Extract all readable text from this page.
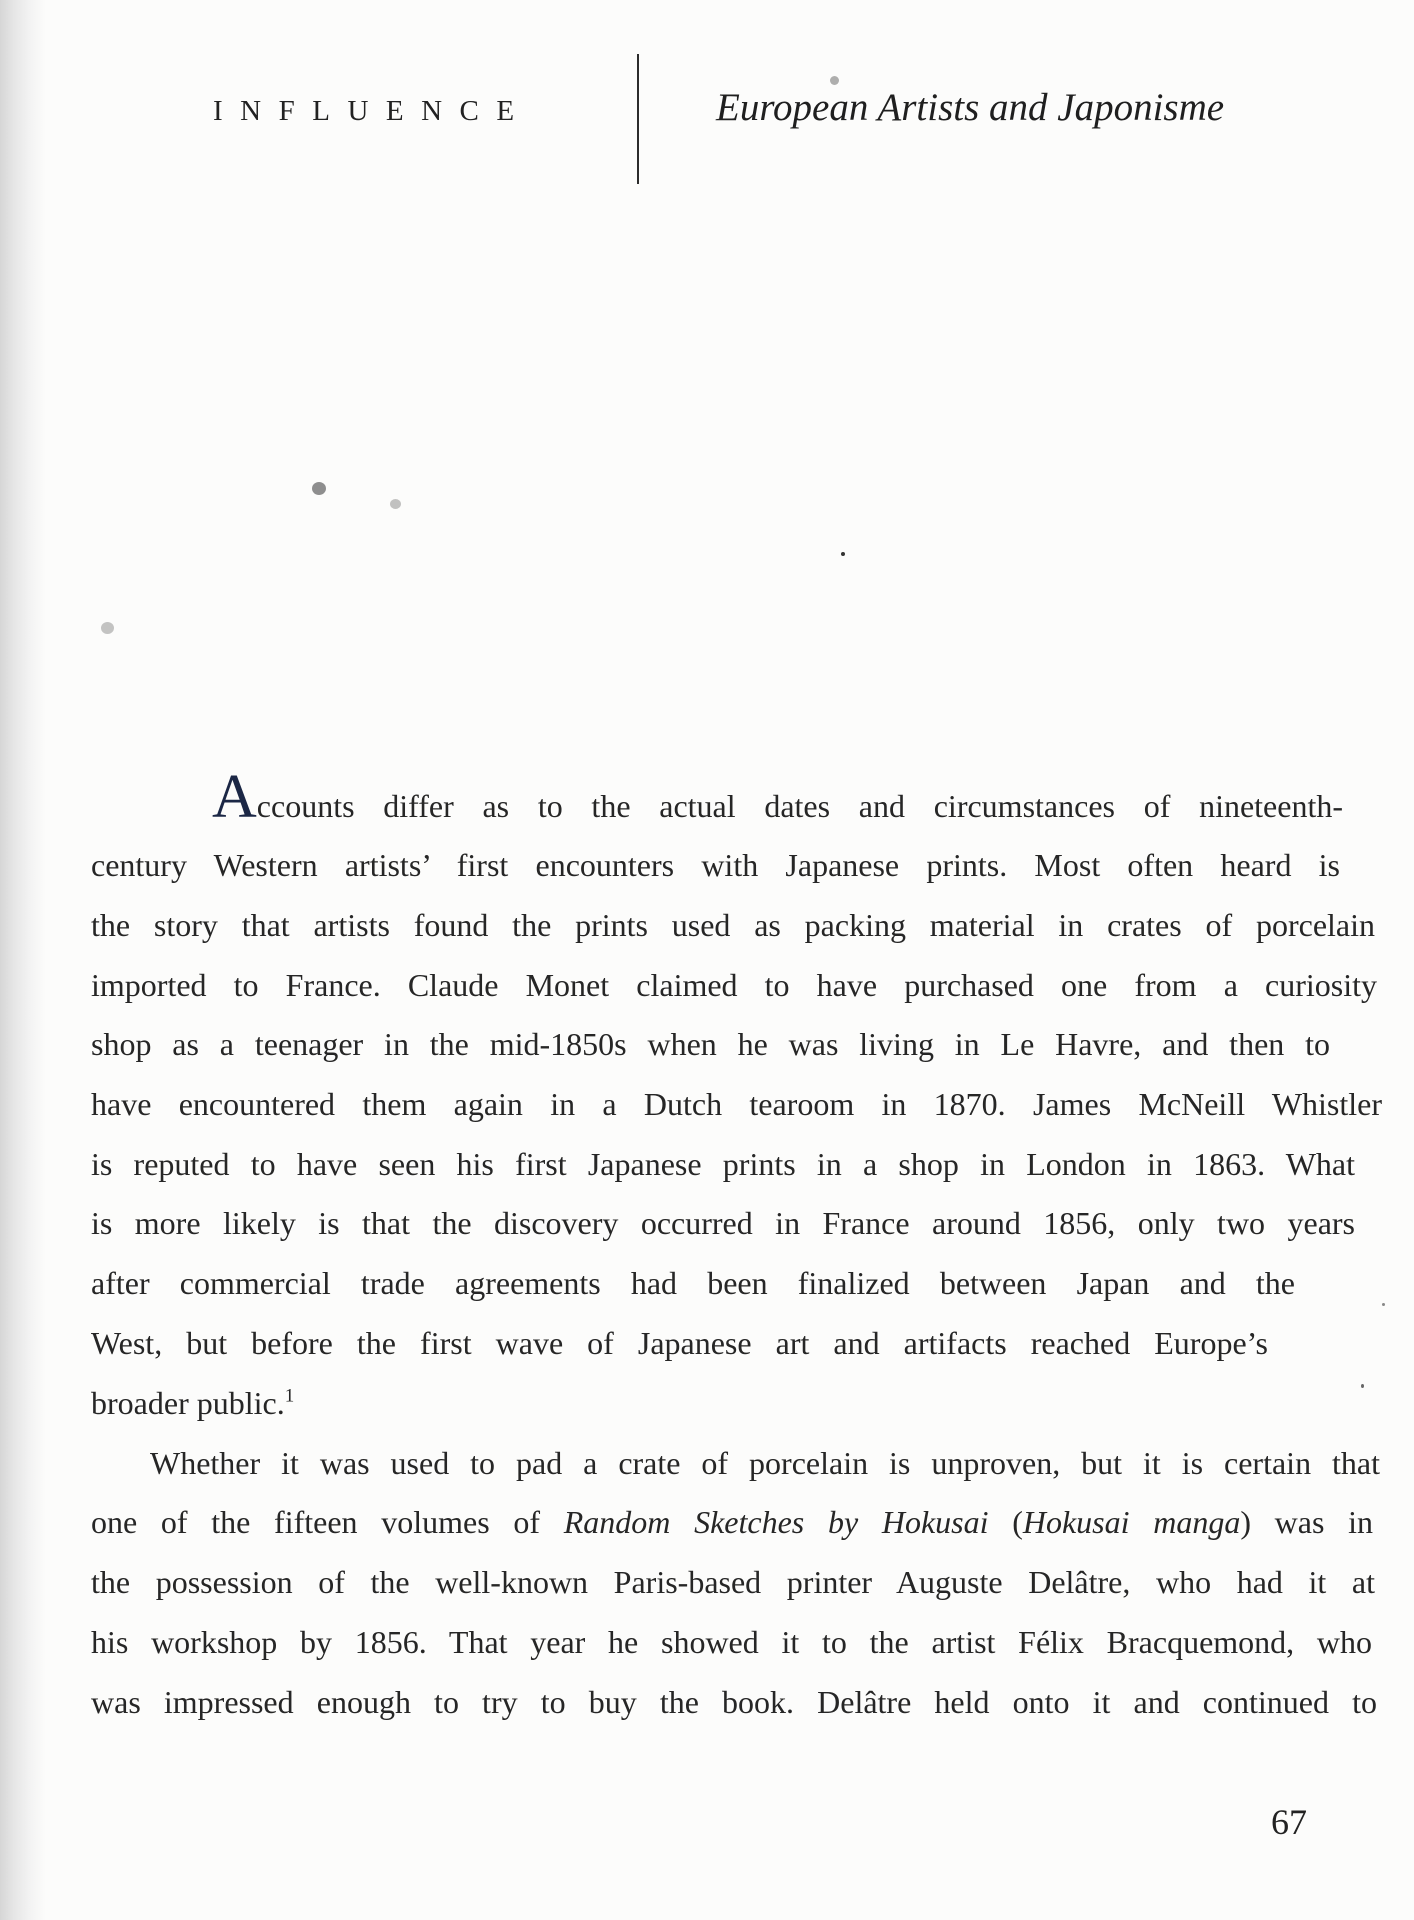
INFLUENCE	European Artists and Japonisme
Accounts differ as to the actual dates and circumstances of nineteenth-
century Western artists’ first encounters with Japanese prints. Most often heard is
the story that artists found the prints used as packing material in crates of porcelain
imported to France. Claude Monet claimed to have purchased one from a curiosity
shop as a teenager in the mid-1850s when he was living in Le Havre, and then to
have encountered them again in a Dutch tearoom in 1870. James McNeill Whistler
is reputed to have seen his first Japanese prints in a shop in London in 1863. What
is more likely is that the discovery occurred in France around 1856, only two years
after commercial trade agreements had been finalized between Japan and the
West, but before the first wave of Japanese art and artifacts reached Europe’s
broader public.$^1$
Whether it was used to pad a crate of porcelain is unproven, but it is certain that
one of the fifteen volumes of Random Sketches by Hokusai (Hokusai manga) was in
the possession of the well-known Paris-based printer Auguste Delâtre, who had it at
his workshop by 1856. That year he showed it to the artist Félix Bracquemond, who
was impressed enough to try to buy the book. Delâtre held onto it and continued to
67
